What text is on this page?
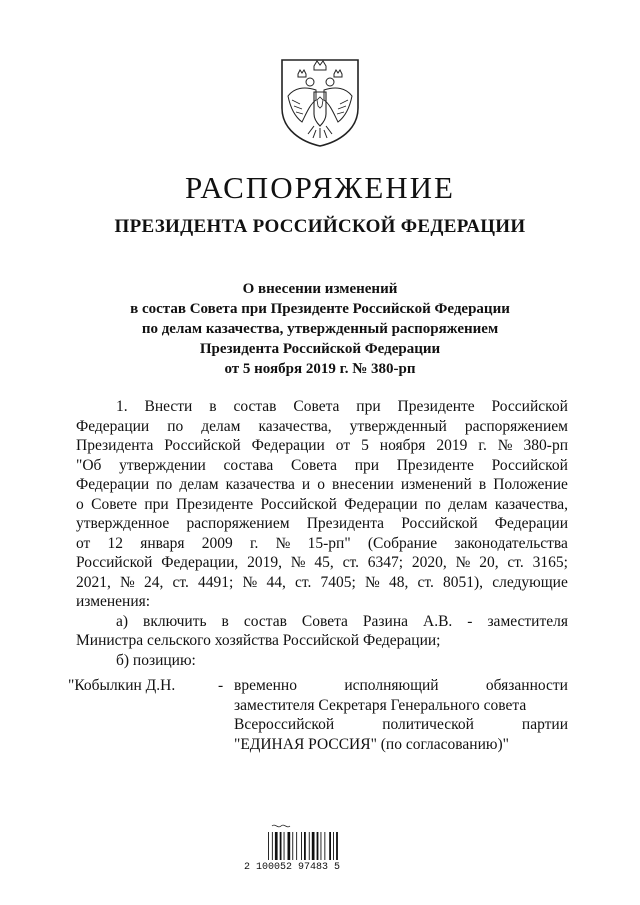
РАСПОРЯЖЕНИЕ
ПРЕЗИДЕНТА РОССИЙСКОЙ ФЕДЕРАЦИИ
О внесении изменений
в состав Совета при Президенте Российской Федерации
по делам казачества, утвержденный распоряжением
Президента Российской Федерации
от 5 ноября 2019 г. № 380-рп
1. Внести в состав Совета при Президенте Российской
Федерации по делам казачества, утвержденный распоряжением
Президента Российской Федерации от 5 ноября 2019 г. № 380-рп
"Об утверждении состава Совета при Президенте Российской
Федерации по делам казачества и о внесении изменений в Положение
о Совете при Президенте Российской Федерации по делам казачества,
утвержденное распоряжением Президента Российской Федерации
от 12 января 2009 г. № 15-рп" (Собрание законодательства
Российской Федерации, 2019, № 45, ст. 6347; 2020, № 20, ст. 3165;
2021, № 24, ст. 4491; № 44, ст. 7405; № 48, ст. 8051), следующие
изменения:
а) включить в состав Совета Разина А.В. - заместителя
Министра сельского хозяйства Российской Федерации;
б) позицию:
"Кобылкин Д.Н.	- временно	исполняющий	обязанности
заместителя Секретаря Генерального совета
Всероссийской	политической	партии
"ЕДИНАЯ РОССИЯ" (по согласованию)"
2 100052 97483 5
